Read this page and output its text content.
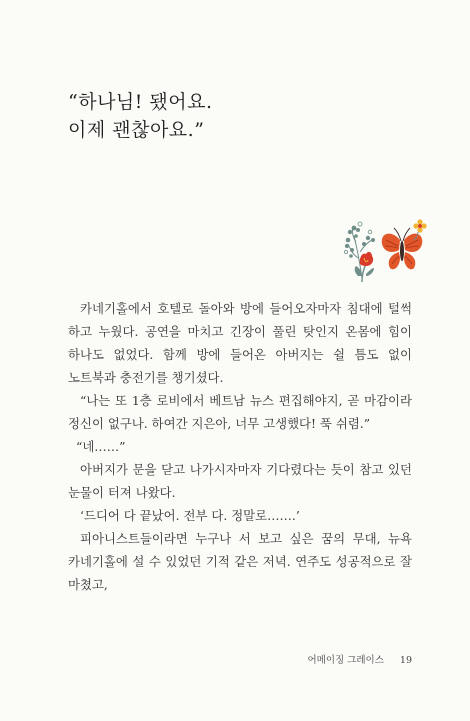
“하나님! 됐어요.
이제 괜찮아요.”

카네기홀에서 호텔로 돌아와 방에 들어오자마자 침대에 털썩 하고 누웠다. 공연을 마치고 긴장이 풀린 탓인지 온몸에 힘이 하나도 없었다. 함께 방에 들어온 아버지는 쉴 틈도 없이 노트북과 충전기를 챙기셨다.

“나는 또 1층 로비에서 베트남 뉴스 편집해야지, 곧 마감이라 정신이 없구나. 하여간 지은아, 너무 고생했다! 푹 쉬렴.”

“네……”

아버지가 문을 닫고 나가시자마자 기다렸다는 듯이 참고 있던 눈물이 터져 나왔다.

‘드디어 다 끝났어. 전부 다. 정말로…….’

피아니스트들이라면 누구나 서 보고 싶은 꿈의 무대, 뉴욕 카네기홀에 설 수 있었던 기적 같은 저녁. 연주도 성공적으로 잘 마쳤고,

어메이징 그레이스 19
